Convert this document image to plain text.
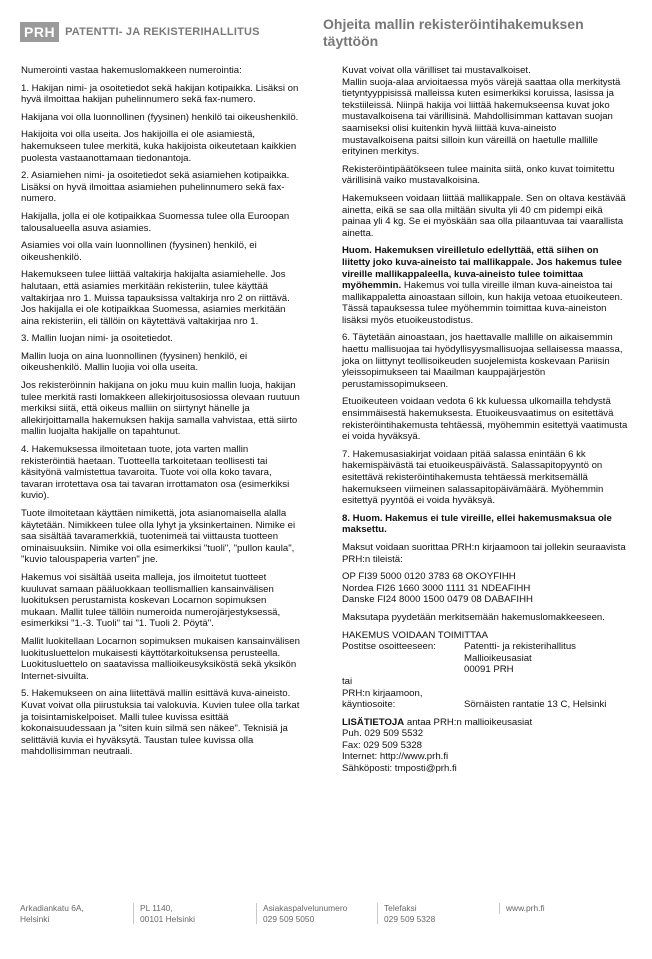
PRH PATENTTI- JA REKISTERIHALLITUS	Ohjeita mallin rekisteröintihakemuksen täyttöön

Numerointi vastaa hakemuslomakkeen numerointia:

1. Hakijan nimi- ja osoitetiedot sekä hakijan kotipaikka. Lisäksi on hyvä ilmoittaa hakijan puhelinnumero sekä fax-numero.

Hakijana voi olla luonnollinen (fyysinen) henkilö tai oikeushenkilö.

Hakijoita voi olla useita. Jos hakijoilla ei ole asiamiestä, hakemukseen tulee merkitä, kuka hakijoista oikeutetaan kaikkien puolesta vastaanottamaan tiedonantoja.

2. Asiamiehen nimi- ja osoitetiedot sekä asiamiehen kotipaikka. Lisäksi on hyvä ilmoittaa asiamiehen puhelinnumero sekä fax-numero.

Hakijalla, jolla ei ole kotipaikkaa Suomessa tulee olla Euroopan talousalueella asuva asiamies.

Asiamies voi olla vain luonnollinen (fyysinen) henkilö, ei oikeushenkilö.

Hakemukseen tulee liittää valtakirja hakijalta asiamiehelle. Jos halutaan, että asiamies merkitään rekisteriin, tulee käyttää valtakirjaa nro 1. Muissa tapauksissa valtakirja nro 2 on riittävä. Jos hakijalla ei ole kotipaikkaa Suomessa, asiamies merkitään aina rekisteriin, eli tällöin on käytettävä valtakirjaa nro 1.

3. Mallin luojan nimi- ja osoitetiedot.

Mallin luoja on aina luonnollinen (fyysinen) henkilö, ei oikeushenkilö. Mallin luojia voi olla useita.

Jos rekisteröinnin hakijana on joku muu kuin mallin luoja, hakijan tulee merkitä rasti lomakkeen allekirjoitusosiossa olevaan ruutuun merkiksi siitä, että oikeus malliin on siirtynyt hänelle ja allekirjoittamalla hakemuksen hakija samalla vahvistaa, että siirto mallin luojalta hakijalle on tapahtunut.

4. Hakemuksessa ilmoitetaan tuote, jota varten mallin rekisteröintiä haetaan. Tuotteella tarkoitetaan teollisesti tai käsityönä valmistettua tavaroita. Tuote voi olla koko tavara, tavaran irrotettava osa tai tavaran irrottamaton osa (esimerkiksi kuvio).

Tuote ilmoitetaan käyttäen nimikettä, jota asianomaisella alalla käytetään. Nimikkeen tulee olla lyhyt ja yksinkertainen. Nimike ei saa sisältää tavaramerkkiä, tuotenimeä tai viittausta tuotteen ominaisuuksiin. Nimike voi olla esimerkiksi "tuoli", "pullon kaula", "kuvio talouspaperia varten" jne.

Hakemus voi sisältää useita malleja, jos ilmoitetut tuotteet kuuluvat samaan pääluokkaan teollismallien kansainvälisen luokituksen perustamista koskevan Locarnon sopimuksen mukaan. Mallit tulee tällöin numeroida numerojärjestyksessä, esimerkiksi "1.-3. Tuoli" tai "1. Tuoli 2. Pöytä".

Mallit luokitellaan Locarnon sopimuksen mukaisen kansainvälisen luokitusluettelon mukaisesti käyttötarkoituksensa perusteella. Luokitusluettelo on saatavissa mallioikeusyksiköstä sekä yksikön Internet-sivuilta.

5. Hakemukseen on aina liitettävä mallin esittävä kuva-aineisto. Kuvat voivat olla piirustuksia tai valokuvia. Kuvien tulee olla tarkat ja toisintamiskelpoiset. Malli tulee kuvissa esittää kokonaisuudessaan ja "siten kuin silmä sen näkee". Teknisiä ja selittäviä kuvia ei hyväksytä. Taustan tulee kuvissa olla mahdollisimman neutraali.

Kuvat voivat olla värilliset tai mustavalkoiset.
Mallin suoja-alaa arvioitaessa myös värejä saattaa olla merkitystä tietyntyyppisissä malleissa kuten esimerkiksi koruissa, lasissa ja tekstiileissä. Niinpä hakija voi liittää hakemukseensa kuvat joko mustavalkoisena tai värillisinä. Mahdollisimman kattavan suojan saamiseksi olisi kuitenkin hyvä liittää kuva-aineisto mustavalkoisena paitsi silloin kun väreillä on haetulle mallille erityinen merkitys.

Rekisteröintipäätökseen tulee mainita siitä, onko kuvat toimitettu värillisinä vaiko mustavalkoisina.

Hakemukseen voidaan liittää mallikappale. Sen on oltava kestävää ainetta, eikä se saa olla miltään sivulta yli 40 cm pidempi eikä painaa yli 4 kg. Se ei myöskään saa olla pilaantuvaa tai vaarallista ainetta.

Huom. Hakemuksen vireilletulo edellyttää, että siihen on liitetty joko kuva-aineisto tai mallikappale. Jos hakemus tulee vireille mallikappaleella, kuva-aineisto tulee toimittaa myöhemmin. Hakemus voi tulla vireille ilman kuva-aineistoa tai mallikappaletta ainoastaan silloin, kun hakija vetoaa etuoikeuteen. Tässä tapauksessa tulee myöhemmin toimittaa kuva-aineiston lisäksi myös etuoikeustodistus.

6. Täytetään ainoastaan, jos haettavalle mallille on aikaisemmin haettu mallisuojaa tai hyödyllisyysmallisuojaa sellaisessa maassa, joka on liittynyt teollisoikeuden suojelemista koskevaan Pariisin yleissopimukseen tai Maailman kauppajärjestön perustamissopimukseen.

Etuoikeuteen voidaan vedota 6 kk kuluessa ulkomailla tehdystä ensimmäisestä hakemuksesta. Etuoikeusvaatimus on esitettävä rekisteröintihakemusta tehtäessä, myöhemmin esitettyä vaatimusta ei voida hyväksyä.

7. Hakemusasiakirjat voidaan pitää salassa enintään 6 kk hakemispäivästä tai etuoikeuspäivästä. Salassapitopyyntö on esitettävä rekisteröintihakemusta tehtäessä merkitsemällä hakemukseen viimeinen salassapitopäivämäärä. Myöhemmin esitettyä pyyntöä ei voida hyväksyä.

8. Huom. Hakemus ei tule vireille, ellei hakemusmaksua ole maksettu.

Maksut voidaan suorittaa PRH:n kirjaamoon tai jollekin seuraavista PRH:n tileistä:

OP FI39 5000 0120 3783 68 OKOYFIHH
Nordea FI26 1660 3000 1111 31 NDEAFIHH
Danske FI24 8000 1500 0479 08 DABAFIHH

Maksutapa pyydetään merkitsemään hakemuslomakkeeseen.

HAKEMUS VOIDAAN TOIMITTAA
Postitse osoitteeseen:	Patentti- ja rekisterihallitus
Mallioikeusasiat
00091 PRH
tai	
PRH:n kirjaamoon,
käyntiosoite:	Sörnäisten rantatie 13 C, Helsinki
LISÄTIETOJA antaa PRH:n mallioikeusasiat
Puh. 029 509 5532
Fax: 029 509 5328
Internet: http://www.prh.fi
Sähköposti: tmposti@prh.fi
Arkadiankatu 6A,
Helsinki
PL 1140,
00101 Helsinki
Asiakaspalvelunumero
029 509 5050
Telefaksi
029 509 5328
www.prh.fi
